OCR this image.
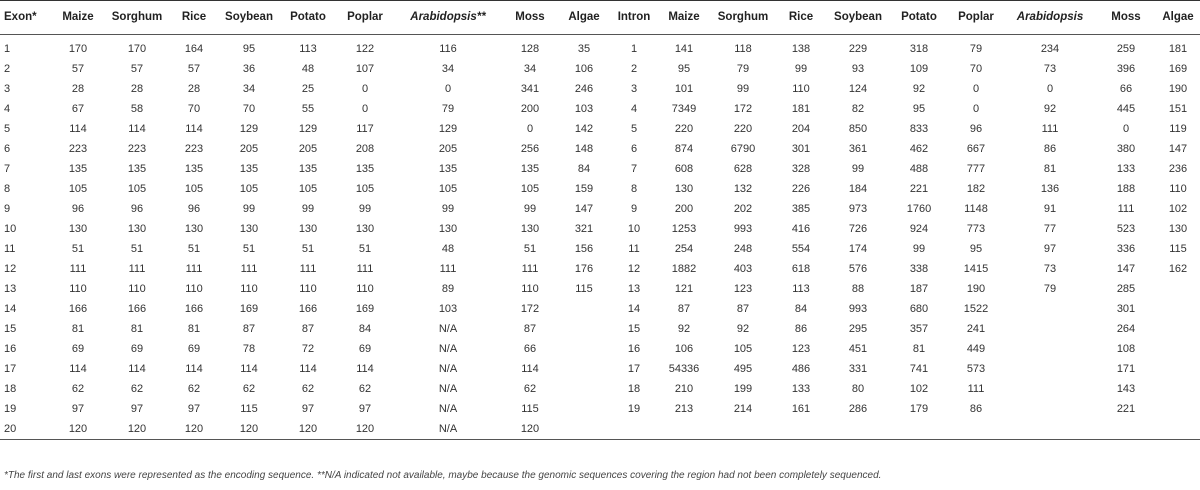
Exon*	Maize	Sorghum	Rice	Soybean	Potato	Poplar	Arabidopsis**	Moss	Algae	Intron	Maize	Sorghum	Rice	Soybean	Potato	Poplar	Arabidopsis	Moss	Algae
1	170	170	164	95	113	122	116	128	35	1	141	118	138	229	318	79	234	259	181
2	57	57	57	36	48	107	34	34	106	2	95	79	99	93	109	70	73	396	169
3	28	28	28	34	25	0	0	341	246	3	101	99	110	124	92	0	0	66	190
4	67	58	70	70	55	0	79	200	103	4	7349	172	181	82	95	0	92	445	151
5	114	114	114	129	129	117	129	0	142	5	220	220	204	850	833	96	111	0	119
6	223	223	223	205	205	208	205	256	148	6	874	6790	301	361	462	667	86	380	147
7	135	135	135	135	135	135	135	135	84	7	608	628	328	99	488	777	81	133	236
8	105	105	105	105	105	105	105	105	159	8	130	132	226	184	221	182	136	188	110
9	96	96	96	99	99	99	99	99	147	9	200	202	385	973	1760	1148	91	111	102
10	130	130	130	130	130	130	130	130	321	10	1253	993	416	726	924	773	77	523	130
11	51	51	51	51	51	51	48	51	156	11	254	248	554	174	99	95	97	336	115
12	111	111	111	111	111	111	111	111	176	12	1882	403	618	576	338	1415	73	147	162
13	110	110	110	110	110	110	89	110	115	13	121	123	113	88	187	190	79	285	
14	166	166	166	169	166	169	103	172		14	87	87	84	993	680	1522		301	
15	81	81	81	87	87	84	N/A	87		15	92	92	86	295	357	241		264	
16	69	69	69	78	72	69	N/A	66		16	106	105	123	451	81	449		108	
17	114	114	114	114	114	114	N/A	114		17	54336	495	486	331	741	573		171	
18	62	62	62	62	62	62	N/A	62		18	210	199	133	80	102	111		143	
19	97	97	97	115	97	97	N/A	115		19	213	214	161	286	179	86		221	
20	120	120	120	120	120	120	N/A	120											
*The first and last exons were represented as the encoding sequence. **N/A indicated not available, maybe because the genomic sequences covering the region had not been completely sequenced.
